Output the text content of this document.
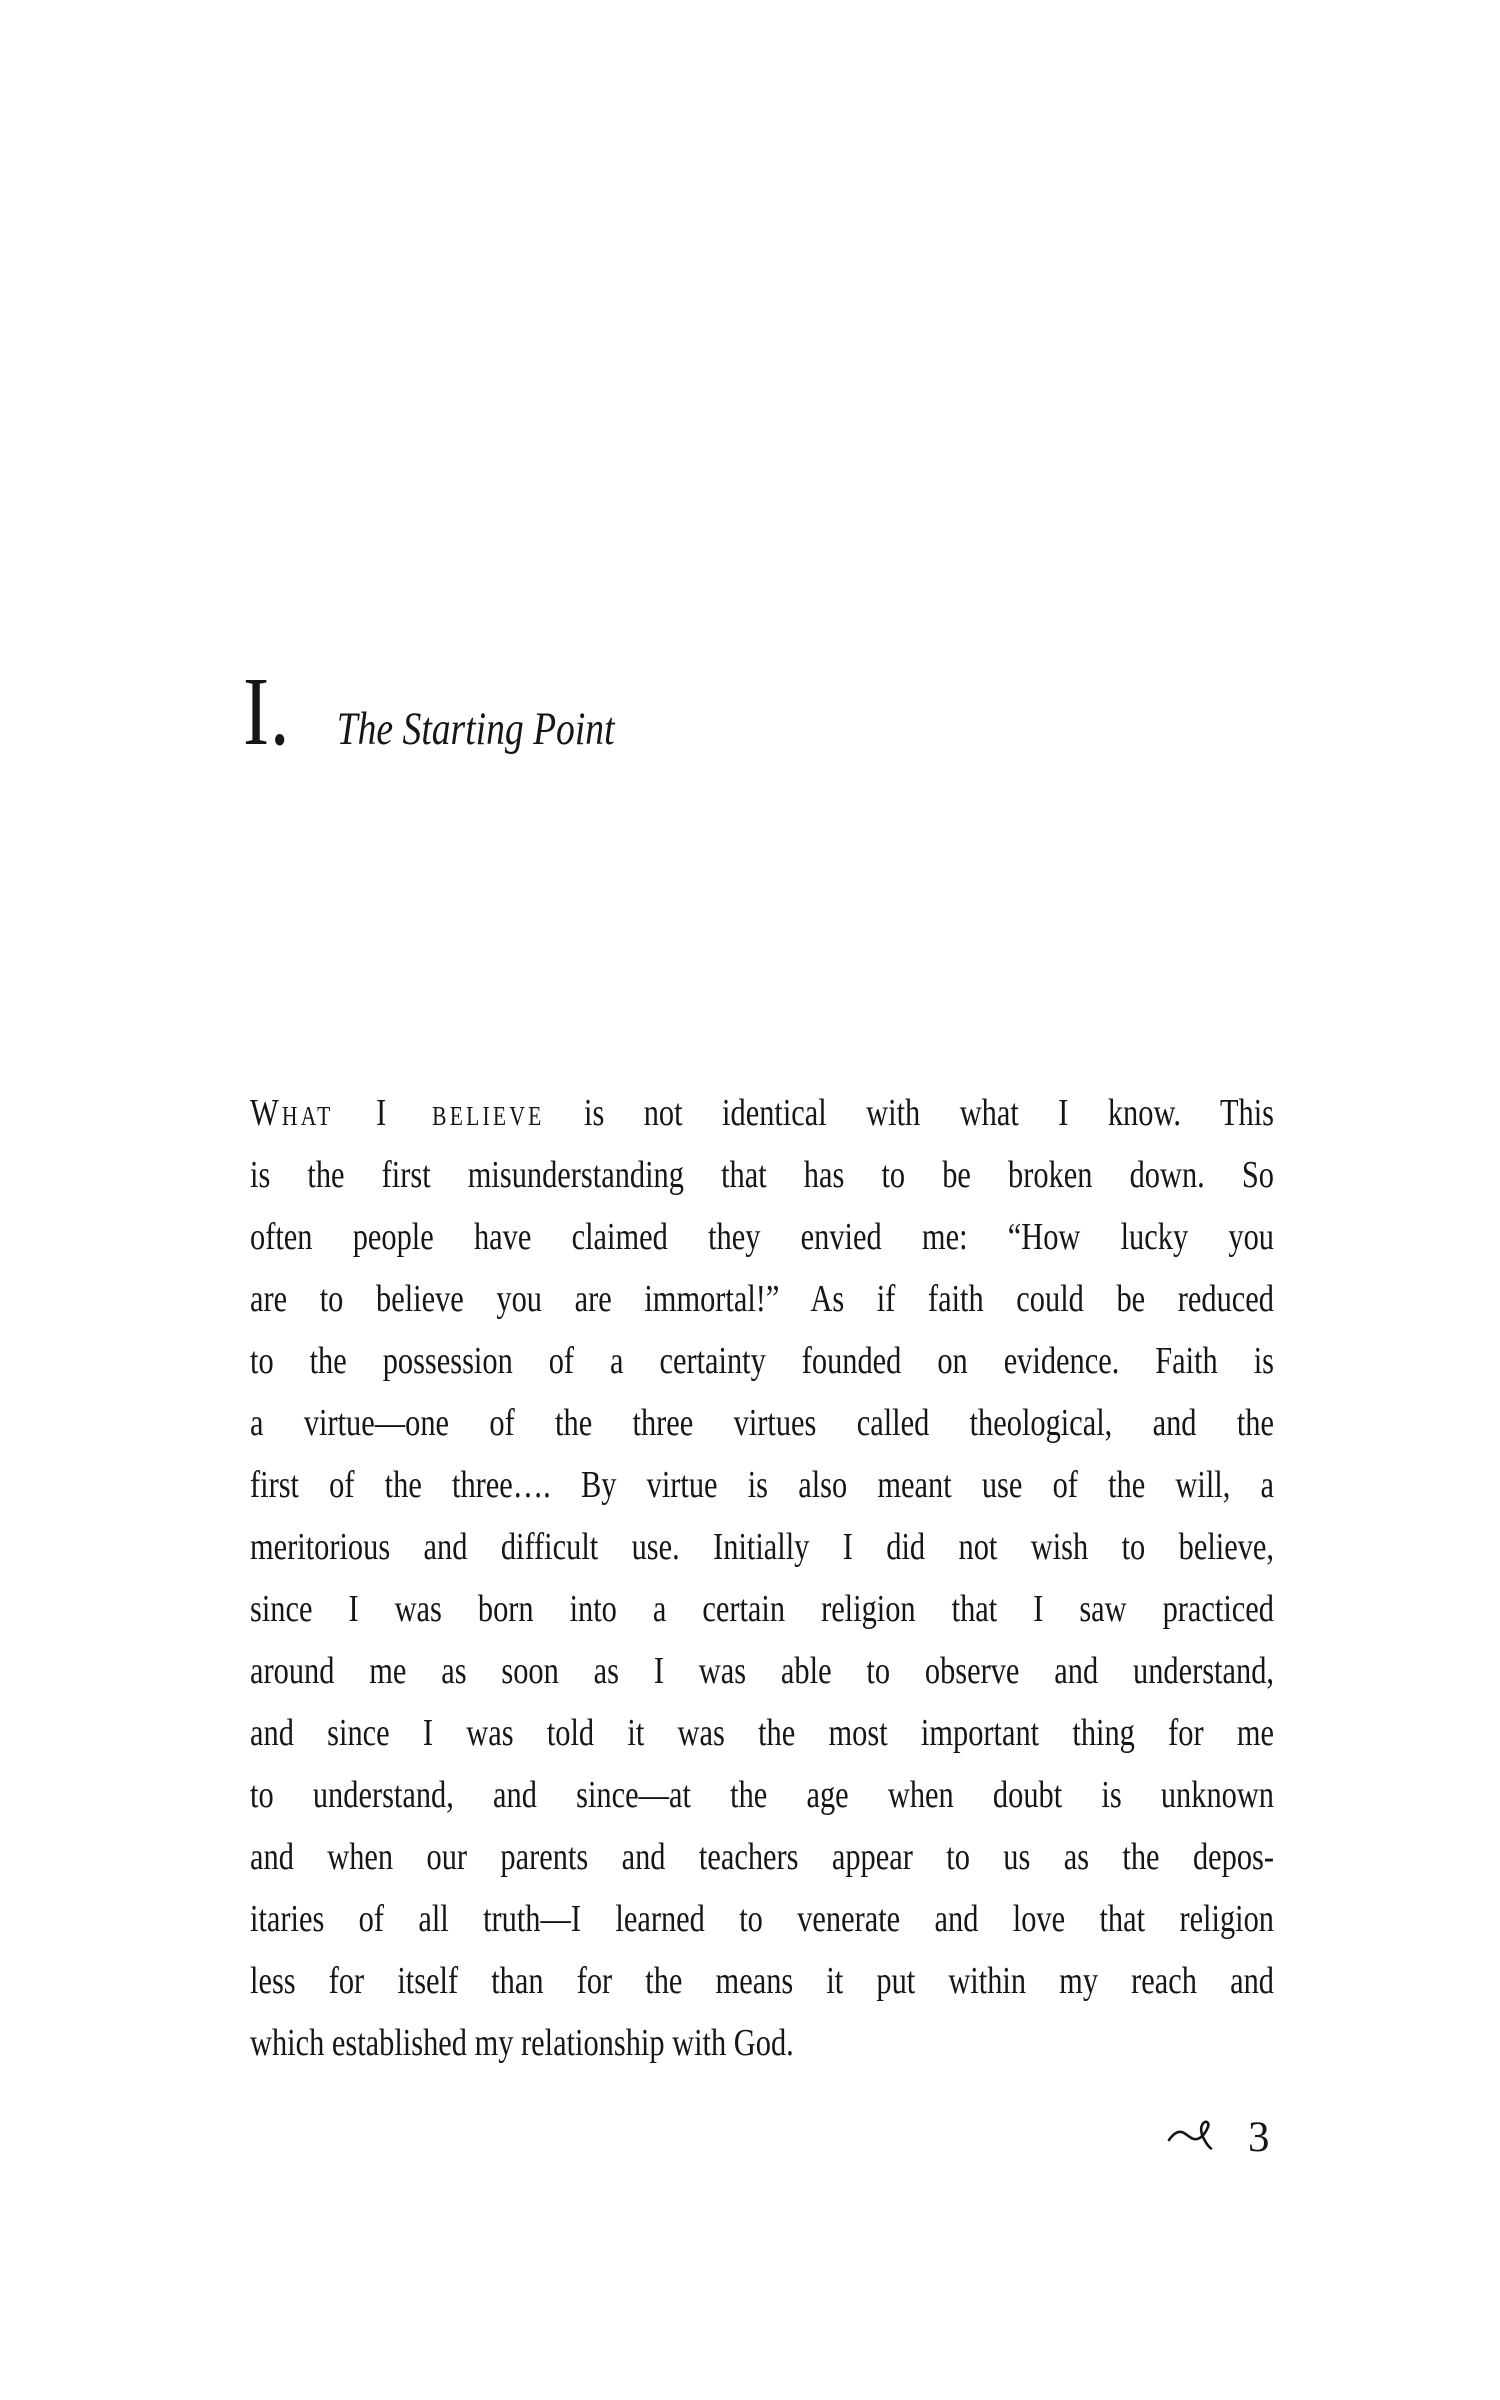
I. The Starting Point
What I believe is not identical with what I know. This
is the first misunderstanding that has to be broken down. So
often people have claimed they envied me: “How lucky you
are to believe you are immortal!” As if faith could be reduced
to the possession of a certainty founded on evidence. Faith is
a virtue—one of the three virtues called theological, and the
first of the three…. By virtue is also meant use of the will, a
meritorious and difficult use. Initially I did not wish to believe,
since I was born into a certain religion that I saw practiced
around me as soon as I was able to observe and understand,
and since I was told it was the most important thing for me
to understand, and since—at the age when doubt is unknown
and when our parents and teachers appear to us as the depos-
itaries of all truth—I learned to venerate and love that religion
less for itself than for the means it put within my reach and
which established my relationship with God.
3
